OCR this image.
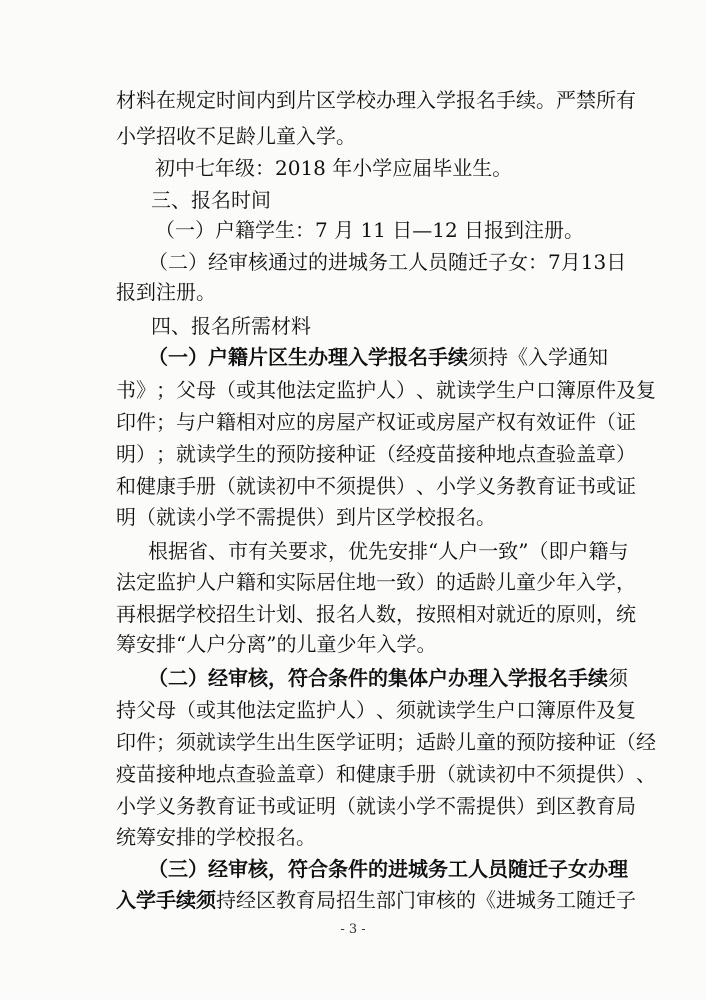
材 料 在 规 定 时 间 内 到 片 区 学 校 办 理 入 学 报 名 手 续 。 严 禁 所 有
小学招收不足龄儿童入学。
初中七年级：2018 年小学应届毕业生。
三、报名时间
（一）户籍学生：7 月 11 日—12 日报到注册。
（ 二 ） 经 审 核 通 过 的 进 城 务 工 人 员 随 迁 子 女 ： 7 月 1 3 日
报到注册。
四、报名所需材料
（一）户籍片区生办理入学报名手续 须持《入学通知
书 》 ； 父 母 （ 或 其 他 法 定 监 护 人 ） 、 就 读 学 生 户 口 簿 原 件 及 复
印 件 ； 与 户 籍 相 对 应 的 房 屋 产 权 证 或 房 屋 产 权 有 效 证 件 （ 证
明 ） ； 就 读 学 生 的 预 防 接 种 证 （ 经 疫 苗 接 种 地 点 查 验 盖 章 ）
和 健 康 手 册 （ 就 读 初 中 不 须 提 供 ） 、 小 学 义 务 教 育 证 书 或 证
明（就读小学不需提供）到片区学校报名。
根 据 省 、 市 有 关 要 求 ， 优 先 安 排 “ 人 户 一 致 ” （ 即 户 籍 与
法 定 监 护 人 户 籍 和 实 际 居 住 地 一 致 ） 的 适 龄 儿 童 少 年 入 学 ，
再 根 据 学 校 招 生 计 划 、 报 名 人 数 ， 按 照 相 对 就 近 的 原 则 ， 统
筹安排“人户分离”的儿童少年入学。
（二）经审核，符合条件的集体户办理入学报名手续 须
持 父 母 （ 或 其 他 法 定 监 护 人 ） 、 须 就 读 学 生 户 口 簿 原 件 及 复
印 件 ； 须 就 读 学 生 出 生 医 学 证 明 ； 适 龄 儿 童 的 预 防 接 种 证 （ 经
疫 苗 接 种 地 点 查 验 盖 章 ） 和 健 康 手 册 （ 就 读 初 中 不 须 提 供 ） 、
小 学 义 务 教 育 证 书 或 证 明 （ 就 读 小 学 不 需 提 供 ） 到 区 教 育 局
统筹安排的学校报名。
（三）经审核，符合条件的进城务工人员随迁子女办理
入学手续须 持经区教育局招生部门审核的《进城务工随迁子
- 3 -
